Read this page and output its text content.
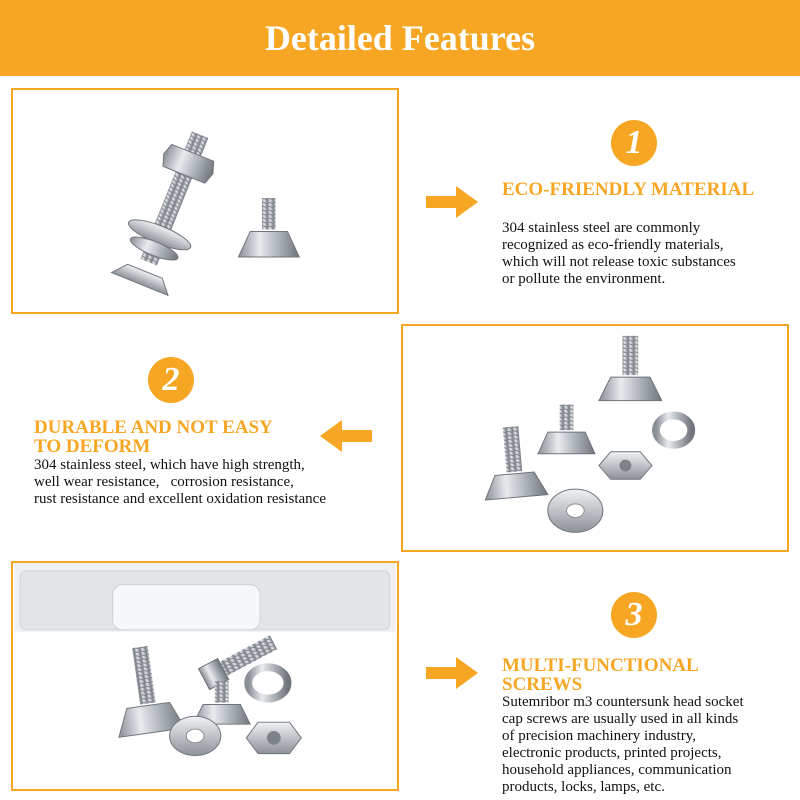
Detailed Features
1
ECO-FRIENDLY MATERIAL
304 stainless steel are commonly
recognized as eco-friendly materials,
which will not release toxic substances
or pollute the environment.
2
DURABLE AND NOT EASY
TO DEFORM
304 stainless steel, which have high strength,
well wear resistance,   corrosion resistance,
rust resistance and excellent oxidation resistance
3
MULTI-FUNCTIONAL
SCREWS
Sutemribor m3 countersunk head socket
cap screws are usually used in all kinds
of precision machinery industry,
electronic products, printed projects,
household appliances, communication
products, locks, lamps, etc.
